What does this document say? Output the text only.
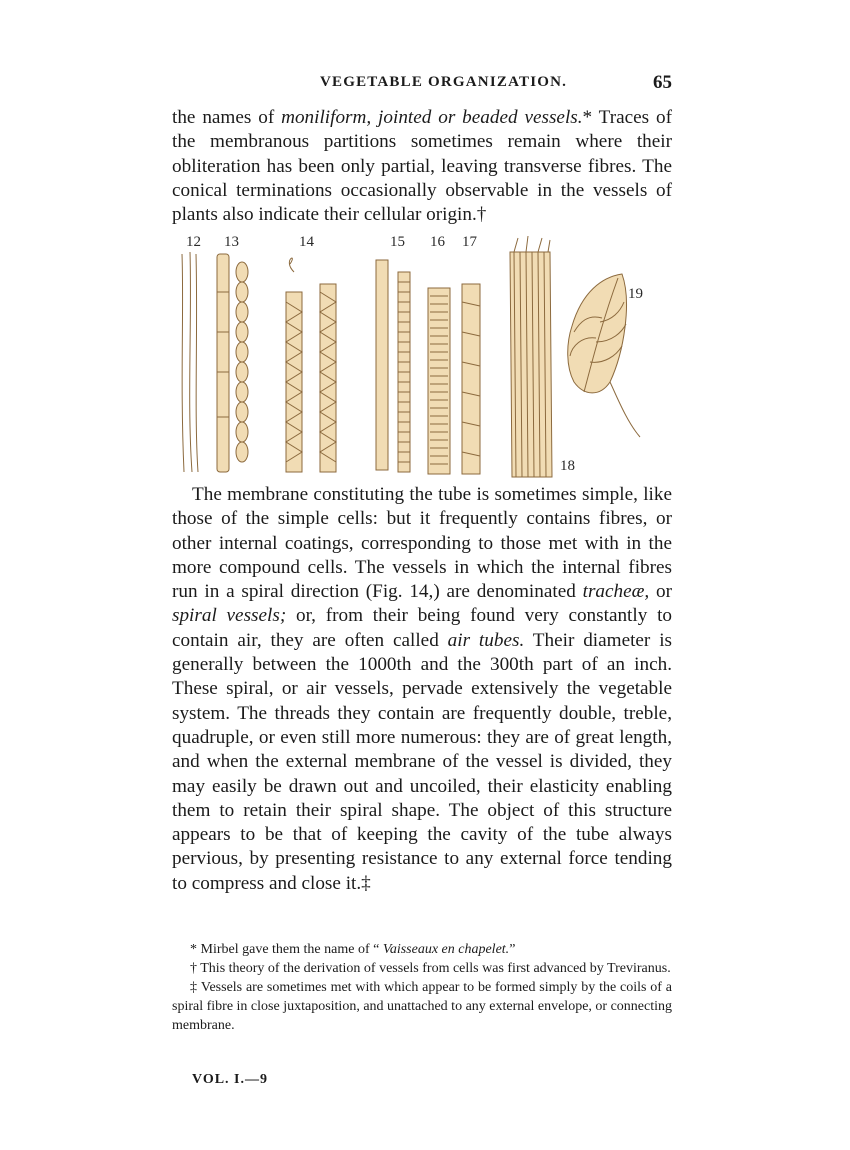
VEGETABLE ORGANIZATION.	65

the names of moniliform, jointed or beaded vessels.* Traces of the membranous partitions sometimes remain where their obliteration has been only partial, leaving transverse fibres. The conical terminations occasionally observable in the vessels of plants also indicate their cellular origin.†

12 13	14	15 16 17
18
19

The membrane constituting the tube is sometimes simple, like those of the simple cells: but it frequently contains fibres, or other internal coatings, corresponding to those met with in the more compound cells. The vessels in which the internal fibres run in a spiral direction (Fig. 14,) are denominated tracheæ, or spiral vessels; or, from their being found very constantly to contain air, they are often called air tubes. Their diameter is generally between the 1000th and the 300th part of an inch. These spiral, or air vessels, pervade extensively the vegetable system. The threads they contain are frequently double, treble, quadruple, or even still more numerous: they are of great length, and when the external membrane of the vessel is divided, they may easily be drawn out and uncoiled, their elasticity enabling them to retain their spiral shape. The object of this structure appears to be that of keeping the cavity of the tube always pervious, by presenting resistance to any external force tending to compress and close it.‡

* Mirbel gave them the name of “ Vaisseaux en chapelet.”

† This theory of the derivation of vessels from cells was first advanced by Treviranus.

‡ Vessels are sometimes met with which appear to be formed simply by the coils of a spiral fibre in close juxtaposition, and unattached to any external envelope, or connecting membrane.

VOL. I.—9
